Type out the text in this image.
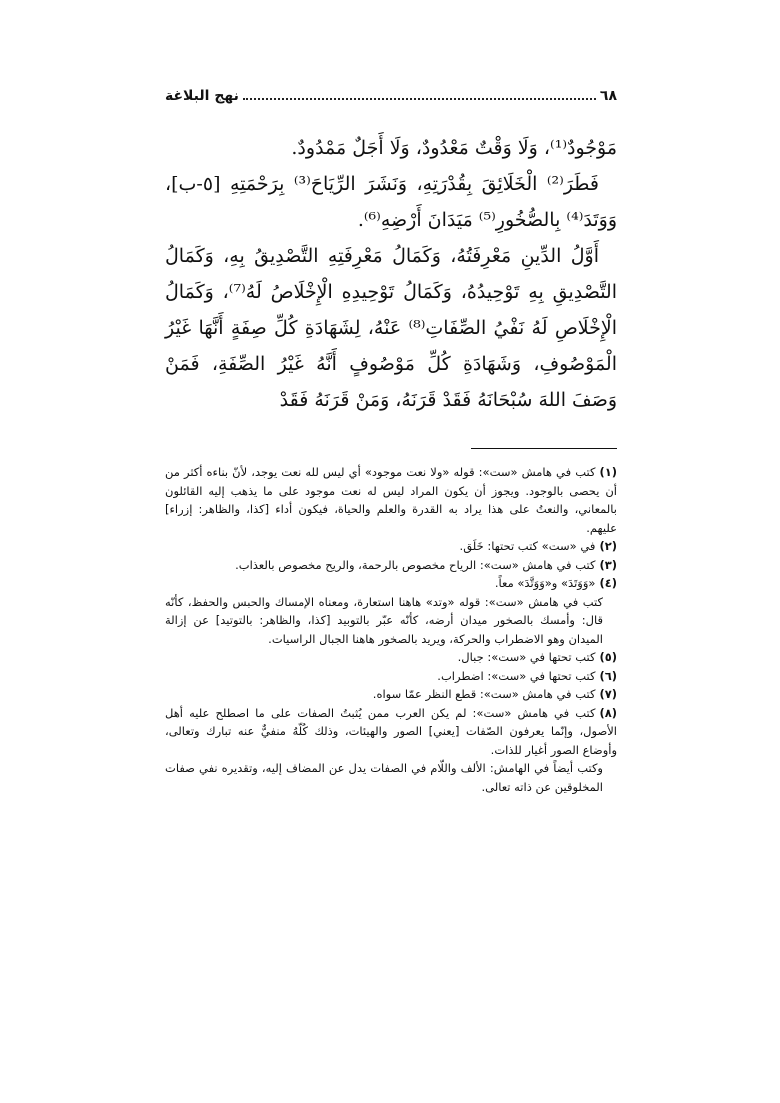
٦٨
نهج البلاغة

مَوْجُودٌ⁽¹⁾، وَلَا وَقْتٌ مَعْدُودٌ، وَلَا أَجَلٌ مَمْدُودٌ.

فَطَرَ⁽²⁾ الْخَلَائِقَ بِقُدْرَتِهِ، وَنَشَرَ الرِّيَاحَ⁽³⁾ بِرَحْمَتِهِ [٥-ب]، وَوَتَدَ⁽⁴⁾ بِالصُّخُورِ⁽⁵⁾ مَيَدَانَ أَرْضِهِ⁽⁶⁾.

أَوَّلُ الدِّينِ مَعْرِفَتُهُ، وَكَمَالُ مَعْرِفَتِهِ التَّصْدِيقُ بِهِ، وَكَمَالُ التَّصْدِيقِ بِهِ تَوْحِيدُهُ، وَكَمَالُ تَوْحِيدِهِ الْإِخْلَاصُ لَهُ⁽⁷⁾، وَكَمَالُ الْإِخْلَاصِ لَهُ نَفْيُ الصِّفَاتِ⁽⁸⁾ عَنْهُ، لِشَهَادَةِ كُلِّ صِفَةٍ أَنَّهَا غَيْرُ الْمَوْصُوفِ، وَشَهَادَةِ كُلِّ مَوْصُوفٍ أَنَّهُ غَيْرُ الصِّفَةِ، فَمَنْ وَصَفَ اللهَ سُبْحَانَهُ فَقَدْ قَرَنَهُ، وَمَنْ قَرَنَهُ فَقَدْ

(١)كتب في هامش «ست»: قوله «ولا نعت موجود» أي ليس لله نعت يوجد، لأنّ بناءه أكثر من أن يحصى بالوجود. ويجوز أن يكون المراد ليس له نعت موجود على ما يذهب إليه القائلون بالمعاني، والنعتُ على هذا يراد به القدرة والعلم والحياة، فيكون أداء [كذا، والظاهر: إزراء] عليهم.

(٢)في «ست» كتب تحتها: خَلَق.

(٣)كتب في هامش «ست»: الرياح مخصوص بالرحمة، والريح مخصوص بالعذاب.

(٤)«وَوَتَدَ» و«وَوَتَّدَ» معاً.

كتب في هامش «ست»: قوله «وتد» هاهنا استعارة، ومعناه الإمساك والحبس والحفظ، كأنّه قال: وأمسك بالصخور ميدان أرضه، كأنّه عبّر بالتوبيد [كذا، والظاهر: بالتوتيد] عن إزالة الميدان وهو الاضطراب والحركة، ويريد بالصخور هاهنا الجبال الراسيات.

(٥)كتب تحتها في «ست»: جبال.

(٦)كتب تحتها في «ست»: اضطراب.

(٧)كتب في هامش «ست»: قطع النظر عمّا سواه.

(٨)كتب في هامش «ست»: لم يكن العرب ممن يُثبتُ الصفات على ما اصطلح عليه أهل الأصول، وإنّما يعرفون الصّفات [يعني] الصور والهيئات، وذلك كُلّهُ منفيٌّ عنه تبارك وتعالى، وأوضاع الصور أغيار للذات.

وكتب أيضاً في الهامش: الألف واللّام في الصفات يدل عن المضاف إليه، وتقديره نفي صفات المخلوقين عن ذاته تعالى.
